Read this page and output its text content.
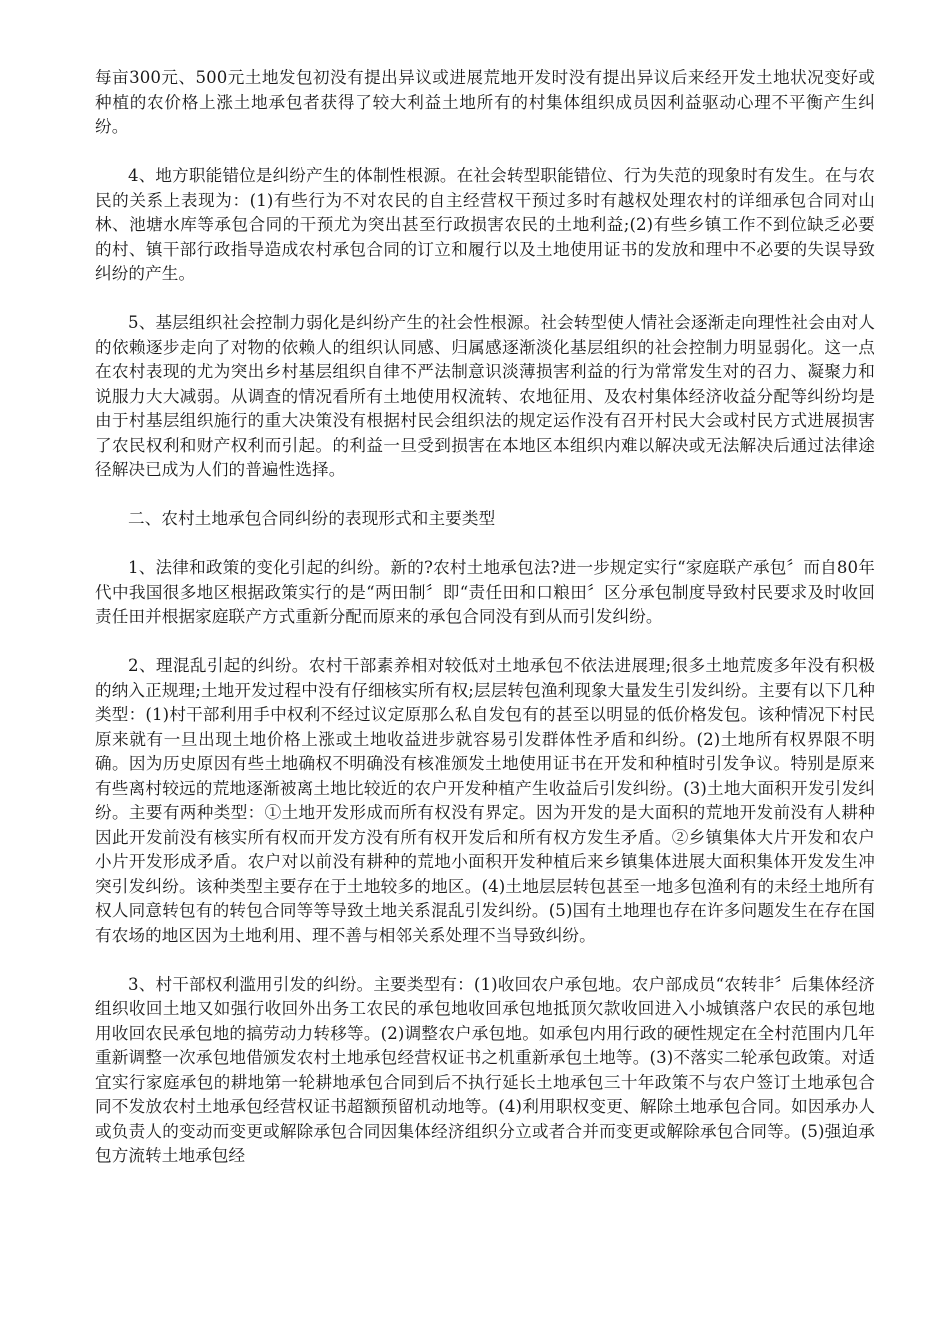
每亩300元、500元土地发包初没有提出异议或进展荒地开发时没有提出异议后来经开发土地状况变好或种植的农价格上涨土地承包者获得了较大利益土地所有的村集体组织成员因利益驱动心理不平衡产生纠纷。

4、地方职能错位是纠纷产生的体制性根源。在社会转型职能错位、行为失范的现象时有发生。在与农民的关系上表现为：(1)有些行为不对农民的自主经营权干预过多时有越权处理农村的详细承包合同对山林、池塘水库等承包合同的干预尤为突出甚至行政损害农民的土地利益;(2)有些乡镇工作不到位缺乏必要的村、镇干部行政指导造成农村承包合同的订立和履行以及土地使用证书的发放和理中不必要的失误导致纠纷的产生。

5、基层组织社会控制力弱化是纠纷产生的社会性根源。社会转型使人情社会逐渐走向理性社会由对人的依赖逐步走向了对物的依赖人的组织认同感、归属感逐渐淡化基层组织的社会控制力明显弱化。这一点在农村表现的尤为突出乡村基层组织自律不严法制意识淡薄损害利益的行为常常发生对的召力、凝聚力和说服力大大减弱。从调查的情况看所有土地使用权流转、农地征用、及农村集体经济收益分配等纠纷均是由于村基层组织施行的重大决策没有根据村民会组织法的规定运作没有召开村民大会或村民方式进展损害了农民权利和财产权利而引起。的利益一旦受到损害在本地区本组织内难以解决或无法解决后通过法律途径解决已成为人们的普遍性选择。

二、农村土地承包合同纠纷的表现形式和主要类型

1、法律和政策的变化引起的纠纷。新的?农村土地承包法?进一步规定实行“家庭联产承包〞而自80年代中我国很多地区根据政策实行的是“两田制〞即“责任田和口粮田〞区分承包制度导致村民要求及时收回责任田并根据家庭联产方式重新分配而原来的承包合同没有到从而引发纠纷。

2、理混乱引起的纠纷。农村干部素养相对较低对土地承包不依法进展理;很多土地荒废多年没有积极的纳入正规理;土地开发过程中没有仔细核实所有权;层层转包渔利现象大量发生引发纠纷。主要有以下几种类型：(1)村干部利用手中权利不经过议定原那么私自发包有的甚至以明显的低价格发包。该种情况下村民原来就有一旦出现土地价格上涨或土地收益进步就容易引发群体性矛盾和纠纷。(2)土地所有权界限不明确。因为历史原因有些土地确权不明确没有核准颁发土地使用证书在开发和种植时引发争议。特别是原来有些离村较远的荒地逐渐被离土地比较近的农户开发种植产生收益后引发纠纷。(3)土地大面积开发引发纠纷。主要有两种类型：①土地开发形成而所有权没有界定。因为开发的是大面积的荒地开发前没有人耕种因此开发前没有核实所有权而开发方没有所有权开发后和所有权方发生矛盾。②乡镇集体大片开发和农户小片开发形成矛盾。农户对以前没有耕种的荒地小面积开发种植后来乡镇集体进展大面积集体开发发生冲突引发纠纷。该种类型主要存在于土地较多的地区。(4)土地层层转包甚至一地多包渔利有的未经土地所有权人同意转包有的转包合同等等导致土地关系混乱引发纠纷。(5)国有土地理也存在许多问题发生在存在国有农场的地区因为土地利用、理不善与相邻关系处理不当导致纠纷。

3、村干部权利滥用引发的纠纷。主要类型有：(1)收回农户承包地。农户部成员“农转非〞后集体经济组织收回土地又如强行收回外出务工农民的承包地收回承包地抵顶欠款收回进入小城镇落户农民的承包地用收回农民承包地的搞劳动力转移等。(2)调整农户承包地。如承包内用行政的硬性规定在全村范围内几年重新调整一次承包地借颁发农村土地承包经营权证书之机重新承包土地等。(3)不落实二轮承包政策。对适宜实行家庭承包的耕地第一轮耕地承包合同到后不执行延长土地承包三十年政策不与农户签订土地承包合同不发放农村土地承包经营权证书超额预留机动地等。(4)利用职权变更、解除土地承包合同。如因承办人或负责人的变动而变更或解除承包合同因集体经济组织分立或者合并而变更或解除承包合同等。(5)强迫承包方流转土地承包经
